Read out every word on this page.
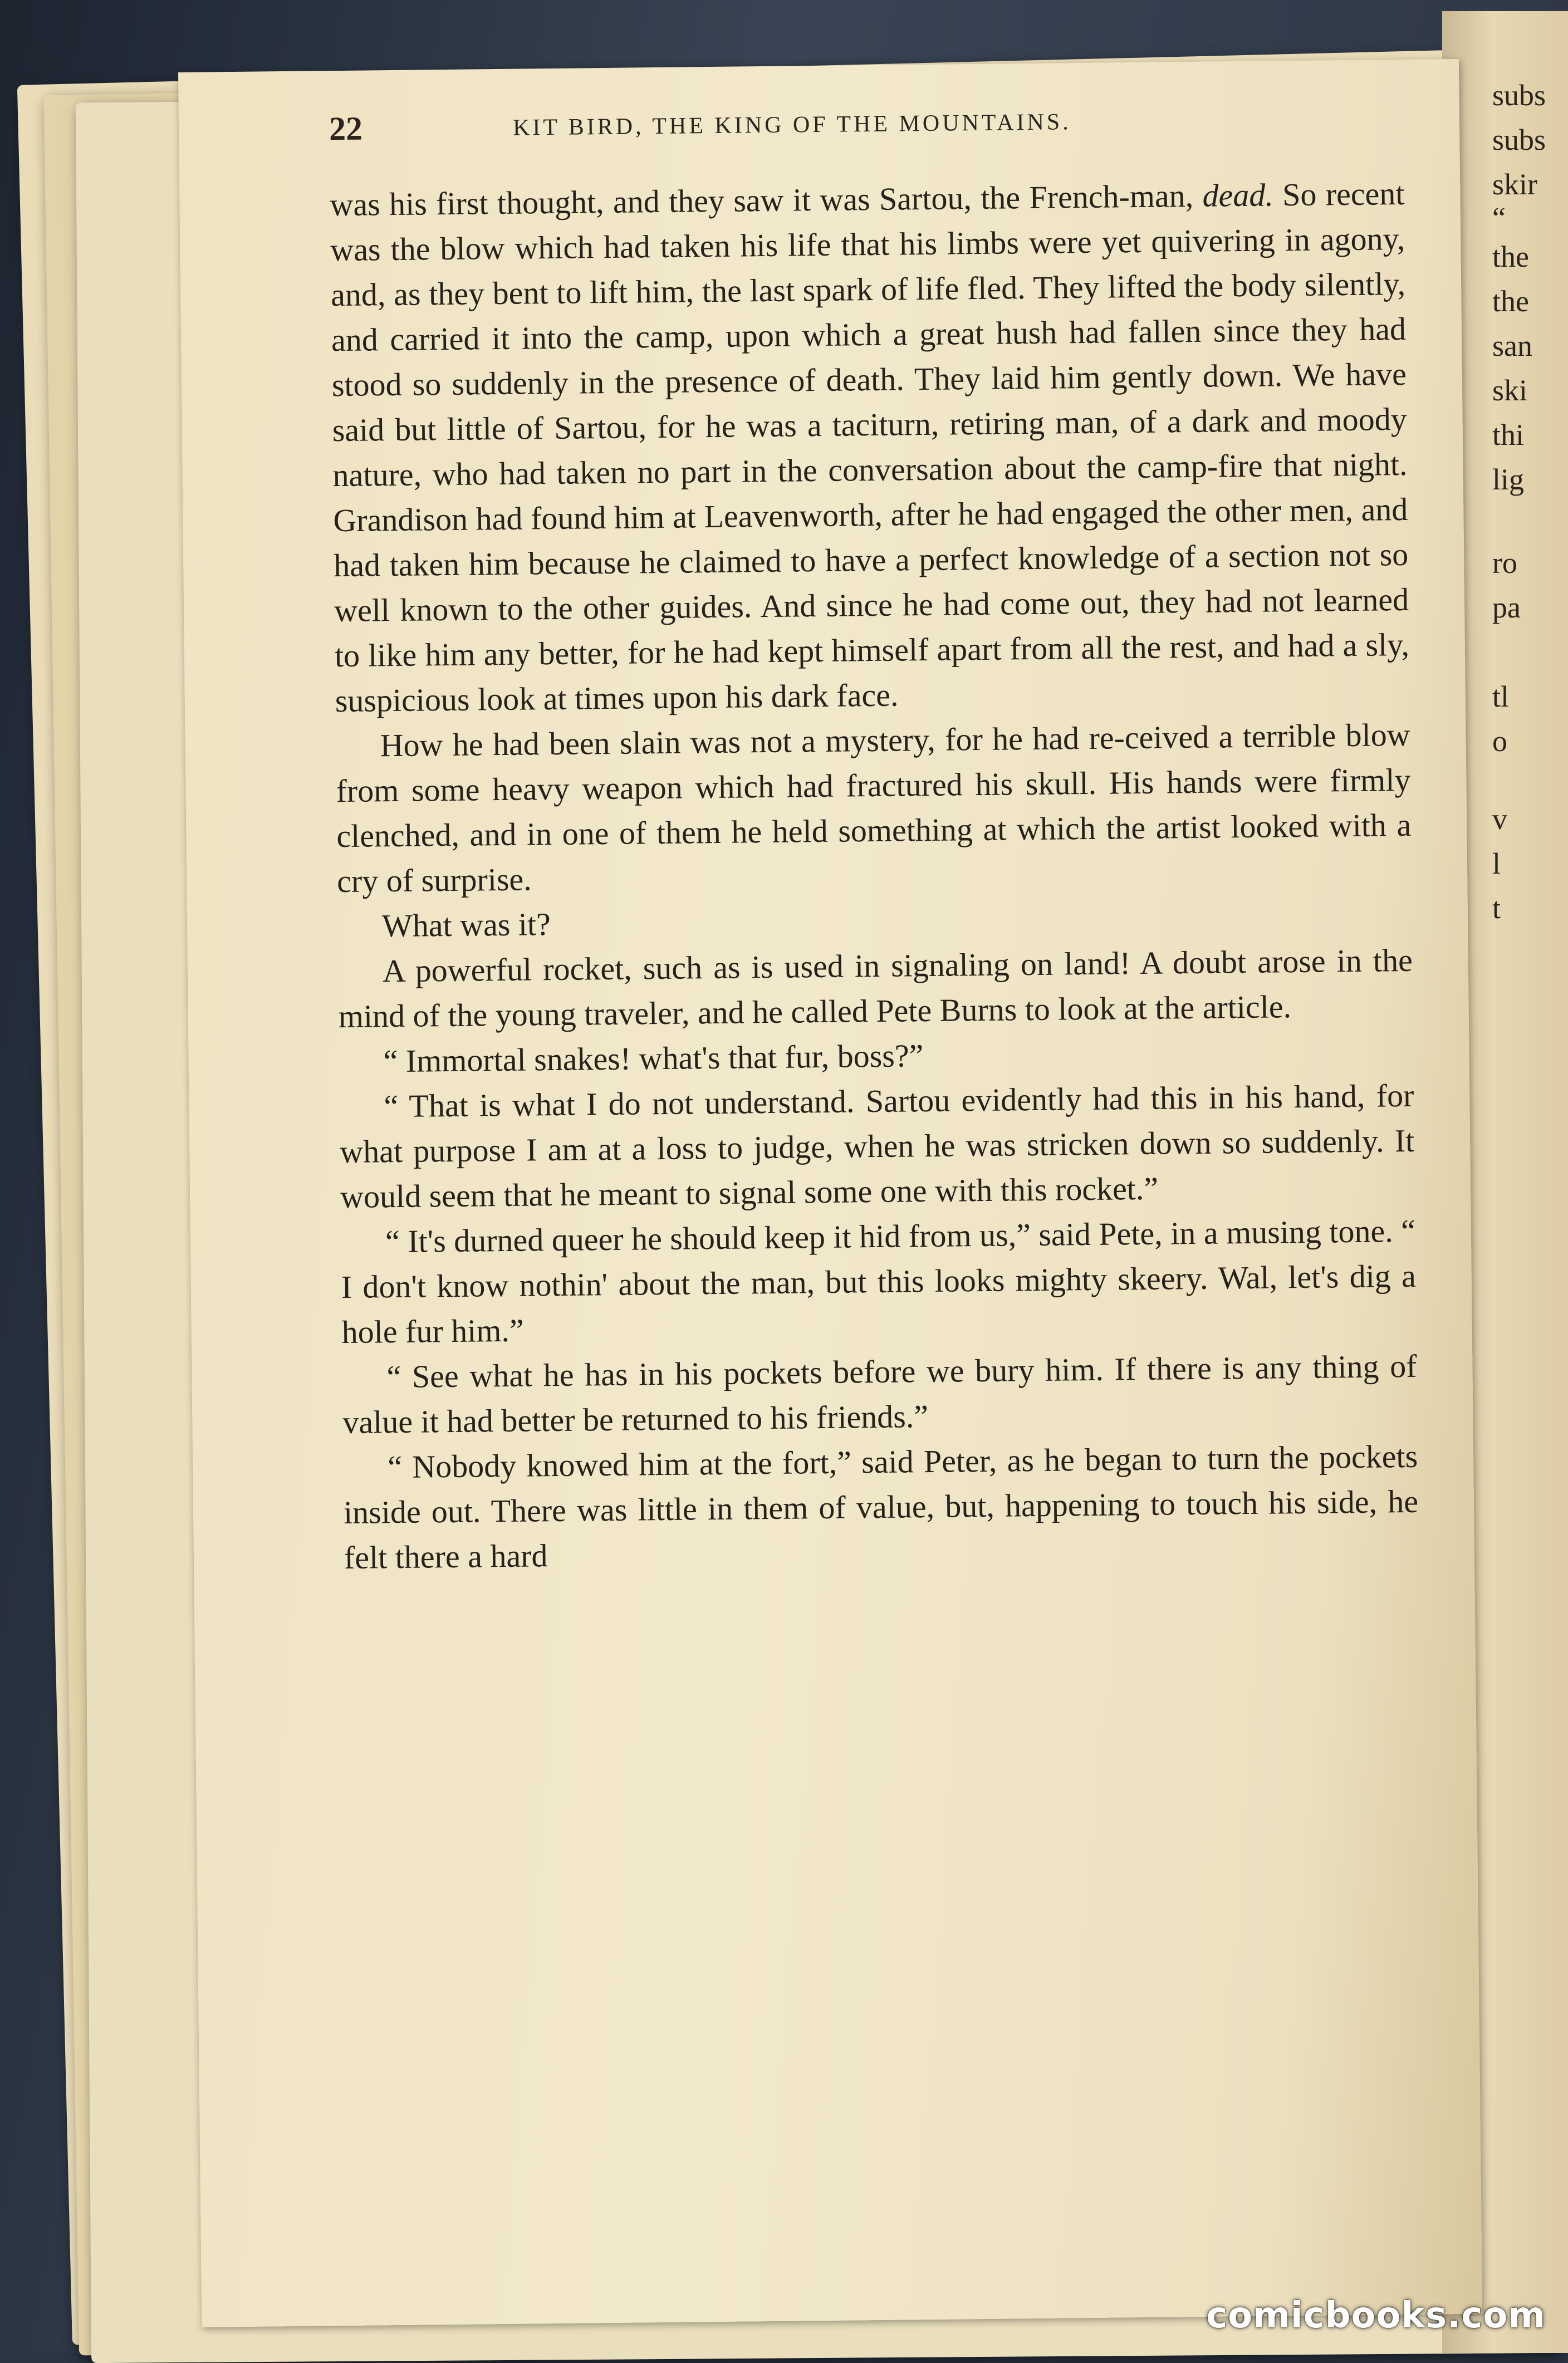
subs
subs
skir
“
the
the
san
ski
thi
lig
ro
pa
tl
o
v
l
t
22	KIT BIRD, THE KING OF THE MOUNTAINS.

was his first thought, and they saw it was Sartou, the French-man, dead. So recent was the blow which had taken his life that his limbs were yet quivering in agony, and, as they bent to lift him, the last spark of life fled. They lifted the body silently, and carried it into the camp, upon which a great hush had fallen since they had stood so suddenly in the presence of death. They laid him gently down. We have said but little of Sartou, for he was a taciturn, retiring man, of a dark and moody nature, who had taken no part in the conversation about the camp-fire that night. Grandison had found him at Leavenworth, after he had engaged the other men, and had taken him because he claimed to have a perfect knowledge of a section not so well known to the other guides. And since he had come out, they had not learned to like him any better, for he had kept himself apart from all the rest, and had a sly, suspicious look at times upon his dark face.

How he had been slain was not a mystery, for he had re-ceived a terrible blow from some heavy weapon which had fractured his skull. His hands were firmly clenched, and in one of them he held something at which the artist looked with a cry of surprise.

What was it?

A powerful rocket, such as is used in signaling on land! A doubt arose in the mind of the young traveler, and he called Pete Burns to look at the article.

“ Immortal snakes! what's that fur, boss?”

“ That is what I do not understand. Sartou evidently had this in his hand, for what purpose I am at a loss to judge, when he was stricken down so suddenly. It would seem that he meant to signal some one with this rocket.”

“ It's durned queer he should keep it hid from us,” said Pete, in a musing tone. “ I don't know nothin' about the man, but this looks mighty skeery. Wal, let's dig a hole fur him.”

“ See what he has in his pockets before we bury him. If there is any thing of value it had better be returned to his friends.”

“ Nobody knowed him at the fort,” said Peter, as he began to turn the pockets inside out. There was little in them of value, but, happening to touch his side, he felt there a hard

comicbooks.com
